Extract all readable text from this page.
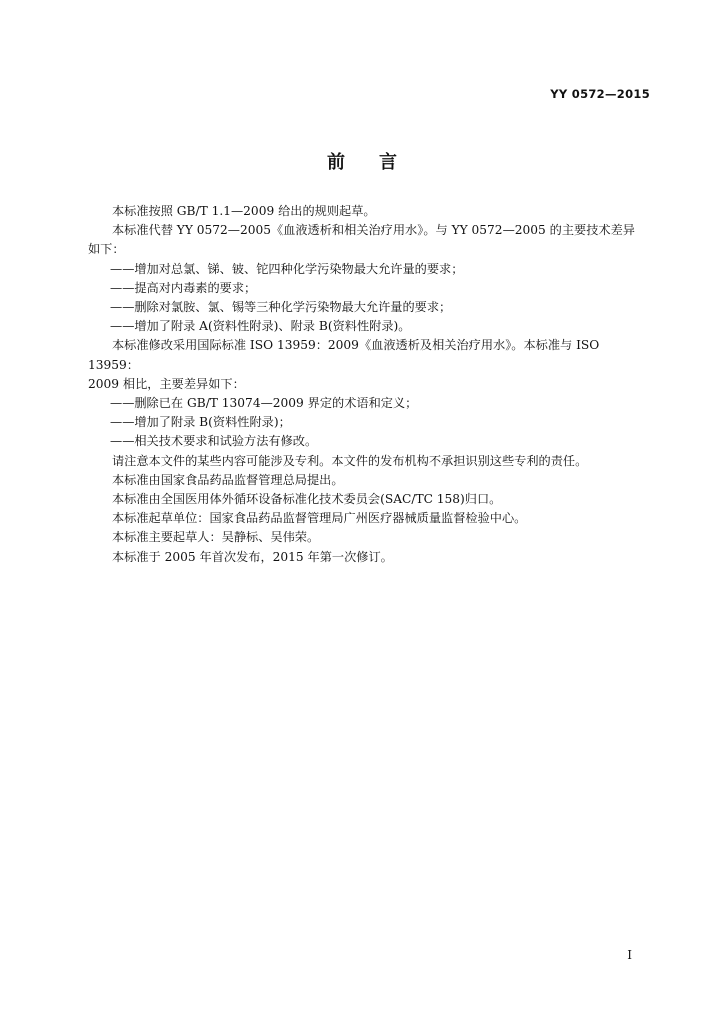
YY 0572—2015
前言

本标准按照 GB/T 1.1—2009 给出的规则起草。

本标准代替 YY 0572—2005《血液透析和相关治疗用水》。与 YY 0572—2005 的主要技术差异

如下：

——增加对总氯、锑、铍、铊四种化学污染物最大允许量的要求；

——提高对内毒素的要求；

——删除对氯胺、氯、锡等三种化学污染物最大允许量的要求；

——增加了附录 A(资料性附录)、附录 B(资料性附录)。

本标准修改采用国际标准 ISO 13959：2009《血液透析及相关治疗用水》。本标准与 ISO 13959：

2009 相比，主要差异如下：

——删除已在 GB/T 13074—2009 界定的术语和定义；

——增加了附录 B(资料性附录)；

——相关技术要求和试验方法有修改。

请注意本文件的某些内容可能涉及专利。本文件的发布机构不承担识别这些专利的责任。

本标准由国家食品药品监督管理总局提出。

本标准由全国医用体外循环设备标准化技术委员会(SAC/TC 158)归口。

本标准起草单位：国家食品药品监督管理局广州医疗器械质量监督检验中心。

本标准主要起草人：吴静标、吴伟荣。

本标准于 2005 年首次发布，2015 年第一次修订。

I
